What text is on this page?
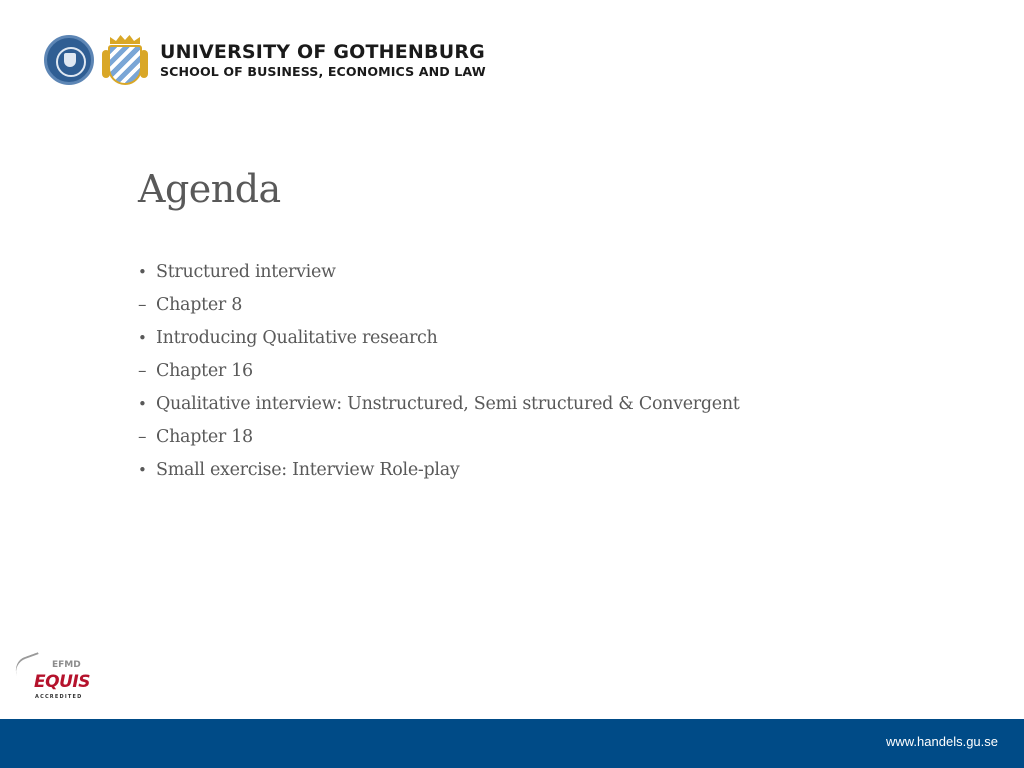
UNIVERSITY OF GOTHENBURG
SCHOOL OF BUSINESS, ECONOMICS AND LAW
Agenda
• Structured interview
– Chapter 8
• Introducing Qualitative research
– Chapter 16
• Qualitative interview: Unstructured, Semi structured & Convergent
– Chapter 18
• Small exercise: Interview Role-play
EFMD
EQUIS
ACCREDITED
www.handels.gu.se
